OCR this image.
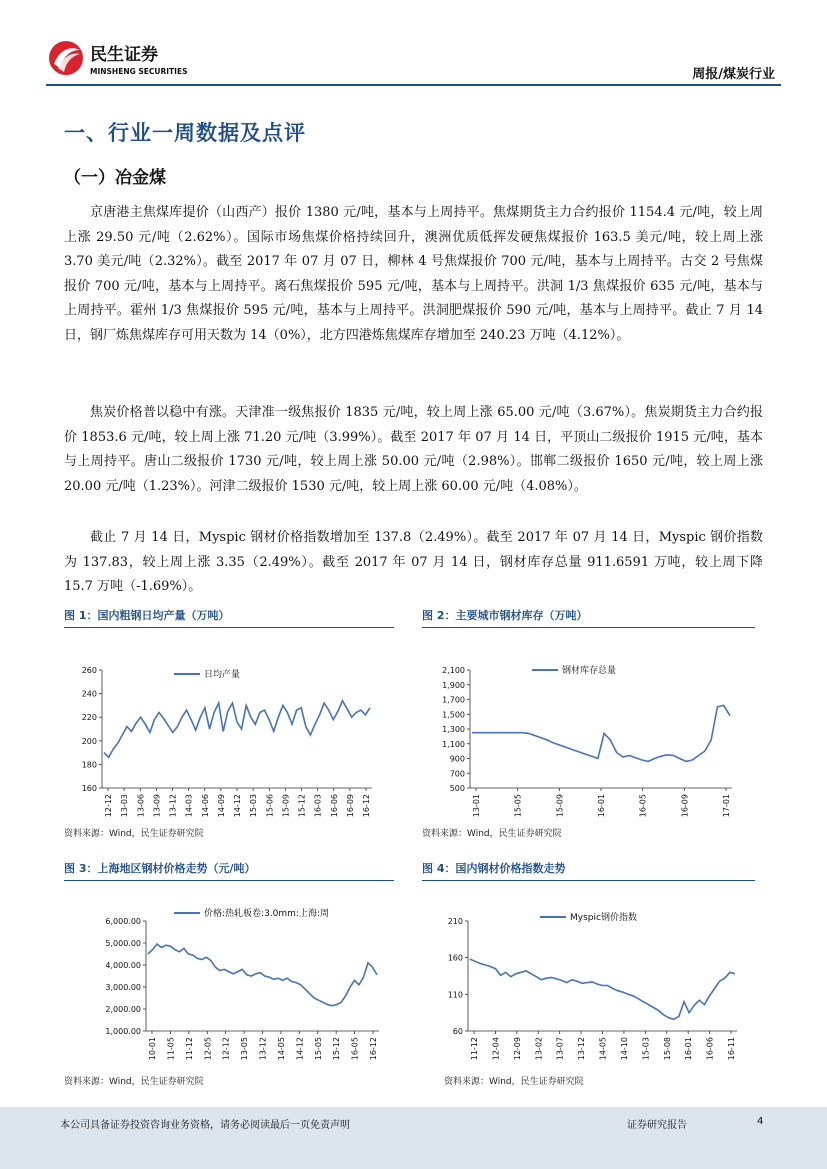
民生证券
MINSHENG SECURITIES	周报/煤炭行业
一、行业一周数据及点评
（一）冶金煤

京唐港主焦煤库提价（山西产）报价 1380 元/吨，基本与上周持平。焦煤期货主力合约报价 1154.4 元/吨，较上周上涨 29.50 元/吨（2.62%）。国际市场焦煤价格持续回升，澳洲优质低挥发硬焦煤报价 163.5 美元/吨，较上周上涨 3.70 美元/吨（2.32%）。截至 2017 年 07 月 07 日，柳林 4 号焦煤报价 700 元/吨，基本与上周持平。古交 2 号焦煤报价 700 元/吨，基本与上周持平。离石焦煤报价 595 元/吨，基本与上周持平。洪洞 1/3 焦煤报价 635 元/吨，基本与上周持平。霍州 1/3 焦煤报价 595 元/吨，基本与上周持平。洪洞肥煤报价 590 元/吨，基本与上周持平。截止 7 月 14 日，钢厂炼焦煤库存可用天数为 14（0%），北方四港炼焦煤库存增加至 240.23 万吨（4.12%）。

焦炭价格普以稳中有涨。天津准一级焦报价 1835 元/吨，较上周上涨 65.00 元/吨（3.67%）。焦炭期货主力合约报价 1853.6 元/吨，较上周上涨 71.20 元/吨（3.99%）。截至 2017 年 07 月 14 日，平顶山二级报价 1915 元/吨，基本与上周持平。唐山二级报价 1730 元/吨，较上周上涨 50.00 元/吨（2.98%）。邯郸二级报价 1650 元/吨，较上周上涨 20.00 元/吨（1.23%）。河津二级报价 1530 元/吨，较上周上涨 60.00 元/吨（4.08%）。

截止 7 月 14 日，Myspic 钢材价格指数增加至 137.8（2.49%）。截至 2017 年 07 月 14 日，Myspic 钢价指数为 137.83，较上周上涨 3.35（2.49%）。截至 2017 年 07 月 14 日，钢材库存总量 911.6591 万吨，较上周下降 15.7 万吨（-1.69%）。

图 1：国内粗钢日均产量（万吨）
260
240
220
200
180
160
12-12 13-03 13-06 13-09 13-12 14-03 14-06 14-09 14-12 15-03 15-06 15-09 15-12 16-03 16-06 16-09 16-12
日均产量
资料来源：Wind，民生证券研究院
图 2：主要城市钢材库存（万吨）
2,100
1,900
1,700
1,500
1,300
1,100
900
700
500
13-01	15-05	15-09	16-01	16-05	16-09	17-01
钢材库存总量
资料来源：Wind，民生证券研究院
图 3：上海地区钢材价格走势（元/吨）
6,000.00
5,000.00
4,000.00
3,000.00
2,000.00
1,000.00
10-01 11-05 11-12 12-05 12-12 13-05 13-12 14-05 14-12 15-05 15-12 16-05 16-12
价格:热轧板卷:3.0mm:上海:周
资料来源：Wind，民生证券研究院
图 4：国内钢材价格指数走势
210
160
110
60
11-12 12-04 12-09 13-02 13-07 13-12 14-05 14-10 15-03 15-08 16-01 16-06 16-11
Myspic钢价指数
资料来源：Wind，民生证券研究院
本公司具备证券投资咨询业务资格，请务必阅读最后一页免责声明	证券研究报告	4
